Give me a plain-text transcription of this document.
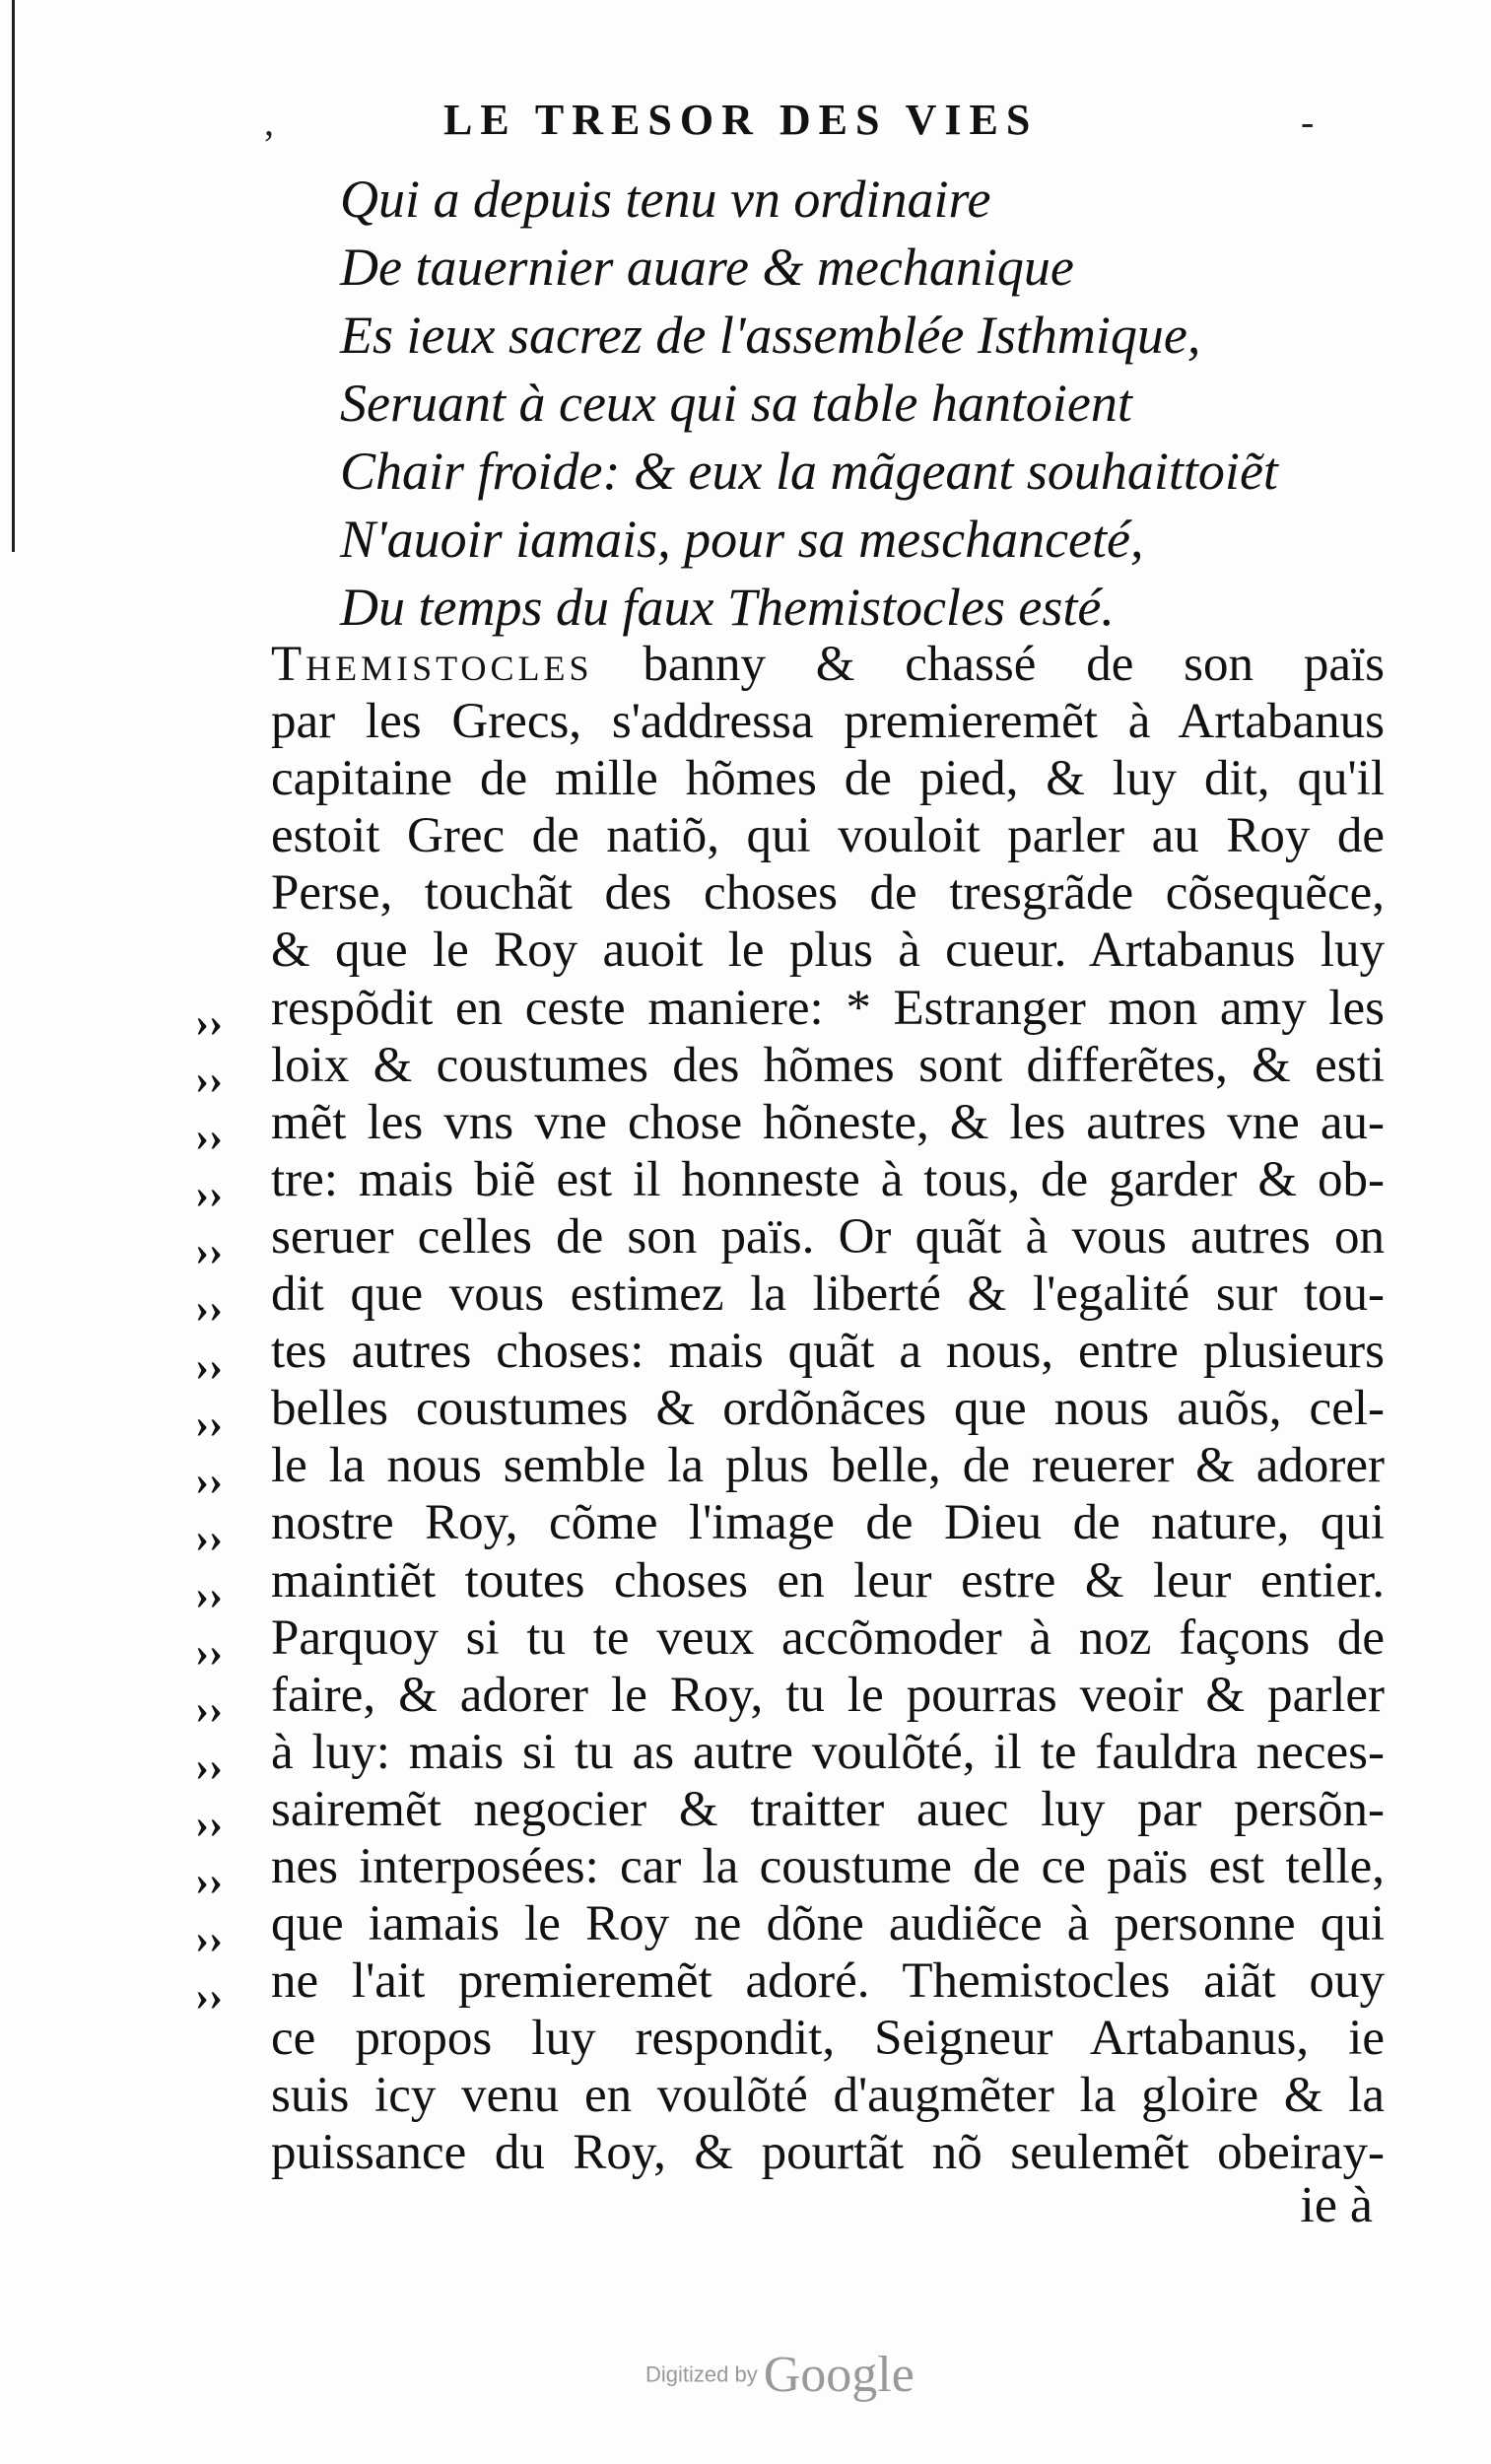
,	LE TRESOR DES VIES	-
Qui a depuis tenu vn ordinaire
De tauernier auare & mechanique
Es ieux sacrez de l'assemblée Isthmique,
Seruant à ceux qui sa table hantoient
Chair froide: & eux la mãgeant souhaittoiẽt
N'auoir iamais, pour sa meschanceté,
Du temps du faux Themistocles esté.
Themistocles banny & chassé de son païs
par les Grecs, s'addressa premieremẽt à Artabanus
capitaine de mille hõmes de pied, & luy dit, qu'il
estoit Grec de natiõ, qui vouloit parler au Roy de
Perse, touchãt des choses de tresgrãde cõsequẽce,
& que le Roy auoit le plus à cueur. Artabanus luy
respõdit en ceste maniere: * Estranger mon amy les
loix & coustumes des hõmes sont differẽtes, & esti
mẽt les vns vne chose hõneste, & les autres vne au-
tre: mais biẽ est il honneste à tous, de garder & ob-
seruer celles de son païs. Or quãt à vous autres on
dit que vous estimez la liberté & l'egalité sur tou-
tes autres choses: mais quãt a nous, entre plusieurs
belles coustumes & ordõnãces que nous auõs, cel-
le la nous semble la plus belle, de reuerer & adorer
nostre Roy, cõme l'image de Dieu de nature, qui
maintiẽt toutes choses en leur estre & leur entier.
Parquoy si tu te veux accõmoder à noz façons de
faire, & adorer le Roy, tu le pourras veoir & parler
à luy: mais si tu as autre voulõté, il te fauldra neces-
sairemẽt negocier & traitter auec luy par persõn-
nes interposées: car la coustume de ce païs est telle,
que iamais le Roy ne dõne audiẽce à personne qui
ne l'ait premieremẽt adoré. Themistocles aiãt ouy
ce propos luy respondit, Seigneur Artabanus, ie
suis icy venu en voulõté d'augmẽter la gloire & la
puissance du Roy, & pourtãt nõ seulemẽt obeiray-
››
››
››
››
››
››
››
››
››
››
››
››
››
››
››
››
››
››
ie à
Digitized by Google
